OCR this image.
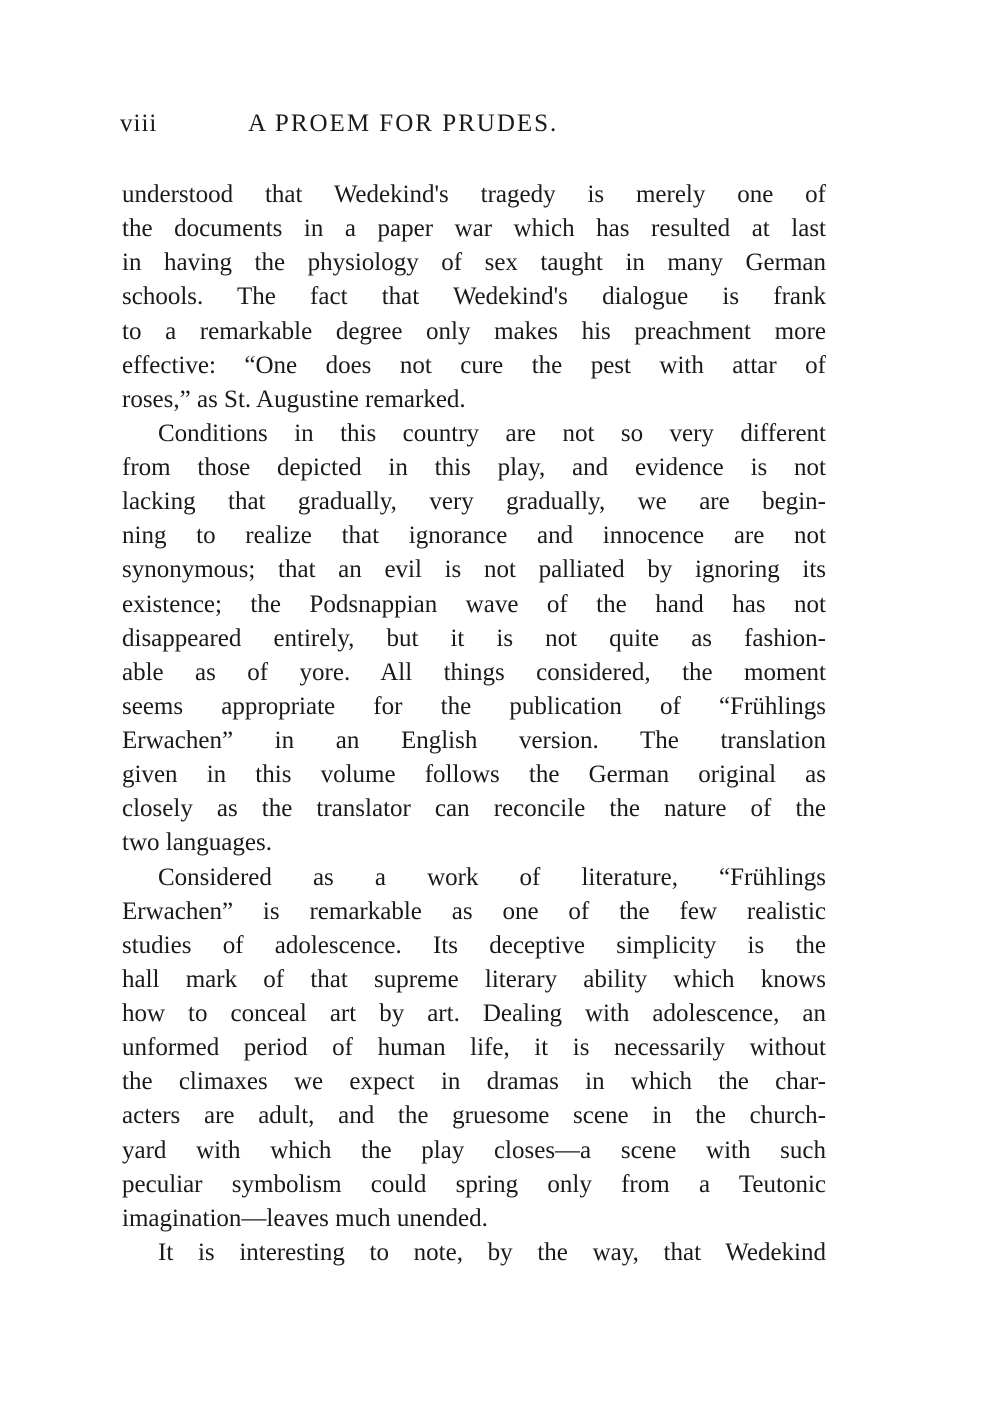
viii	A PROEM FOR PRUDES.
understood that Wedekind's tragedy is merely one of
the documents in a paper war which has resulted at last
in having the physiology of sex taught in many German
schools. The fact that Wedekind's dialogue is frank
to a remarkable degree only makes his preachment more
effective: “One does not cure the pest with attar of
roses,” as St. Augustine remarked.
Conditions in this country are not so very different
from those depicted in this play, and evidence is not
lacking that gradually, very gradually, we are begin-
ning to realize that ignorance and innocence are not
synonymous; that an evil is not palliated by ignoring its
existence; the Podsnappian wave of the hand has not
disappeared entirely, but it is not quite as fashion-
able as of yore. All things considered, the moment
seems appropriate for the publication of “Frühlings
Erwachen” in an English version. The translation
given in this volume follows the German original as
closely as the translator can reconcile the nature of the
two languages.
Considered as a work of literature, “Frühlings
Erwachen” is remarkable as one of the few realistic
studies of adolescence. Its deceptive simplicity is the
hall mark of that supreme literary ability which knows
how to conceal art by art. Dealing with adolescence, an
unformed period of human life, it is necessarily without
the climaxes we expect in dramas in which the char-
acters are adult, and the gruesome scene in the church-
yard with which the play closes—a scene with such
peculiar symbolism could spring only from a Teutonic
imagination—leaves much unended.
It is interesting to note, by the way, that Wedekind
